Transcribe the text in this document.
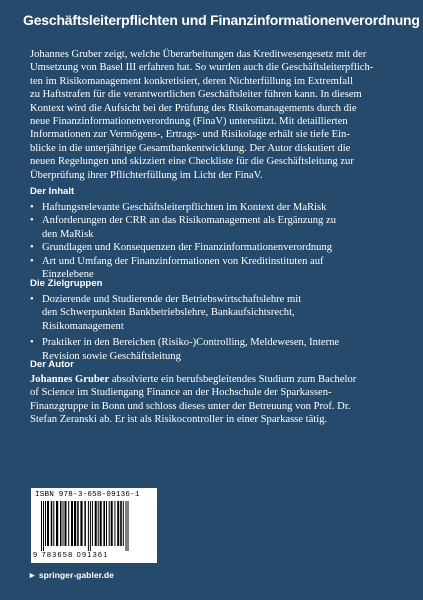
Geschäftsleiterpflichten und Finanzinformationenverordnung
Johannes Gruber zeigt, welche Überarbeitungen das Kreditwesengesetz mit der
Umsetzung von Basel III erfahren hat. So wurden auch die Geschäftsleiterpflich-
ten im Risikomanagement konkretisiert, deren Nichterfüllung im Extremfall
zu Haftstrafen für die verantwortlichen Geschäftsleiter führen kann. In diesem
Kontext wird die Aufsicht bei der Prüfung des Risikomanagements durch die
neue Finanzinformationenverordnung (FinaV) unterstützt. Mit detaillierten
Informationen zur Vermögens-, Ertrags- und Risikolage erhält sie tiefe Ein-
blicke in die unterjährige Gesamtbankentwicklung. Der Autor diskutiert die
neuen Regelungen und skizziert eine Checkliste für die Geschäftsleitung zur
Überprüfung ihrer Pflichterfüllung im Licht der FinaV.
Der Inhalt
• Haftungsrelevante Geschäftsleiterpflichten im Kontext der MaRisk
• Anforderungen der CRR an das Risikomanagement als Ergänzung zu
den MaRisk
• Grundlagen und Konsequenzen der Finanzinformationenverordnung
• Art und Umfang der Finanzinformationen von Kreditinstituten auf
Einzelebene
Die Zielgruppen
• Dozierende und Studierende der Betriebswirtschaftslehre mit
den Schwerpunkten Bankbetriebslehre, Bankaufsichtsrecht,
Risikomanagement
• Praktiker in den Bereichen (Risiko-)Controlling, Meldewesen, Interne
Revision sowie Geschäftsleitung
Der Autor
Johannes Gruber absolvierte ein berufsbegleitendes Studium zum Bachelor
of Science im Studiengang Finance an der Hochschule der Sparkassen-
Finanzgruppe in Bonn und schloss dieses unter der Betreuung von Prof. Dr.
Stefan Zeranski ab. Er ist als Risikocontroller in einer Sparkasse tätig.
ISBN 978-3-658-09136-1
9 783658 091361
► springer-gabler.de
